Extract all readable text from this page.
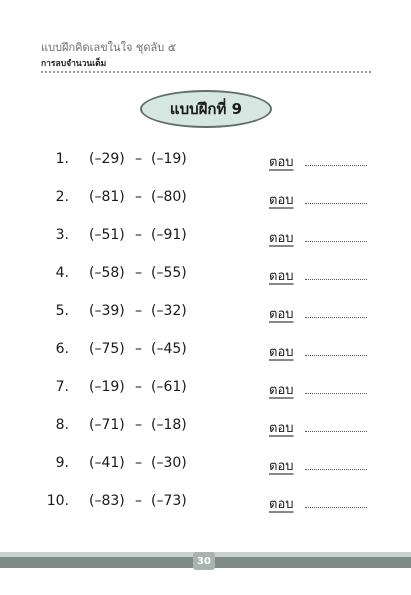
แบบฝึกคิดเลขในใจ ชุดลับ ๕
การลบจำนวนเต็ม
แบบฝึกที่ 9
1. (–29) – (–19)	ตอบ
2. (–81) – (–80)	ตอบ
3. (–51) – (–91)	ตอบ
4. (–58) – (–55)	ตอบ
5. (–39) – (–32)	ตอบ
6. (–75) – (–45)	ตอบ
7. (–19) – (–61)	ตอบ
8. (–71) – (–18)	ตอบ
9. (–41) – (–30)	ตอบ
10. (–83) – (–73)	ตอบ
30
